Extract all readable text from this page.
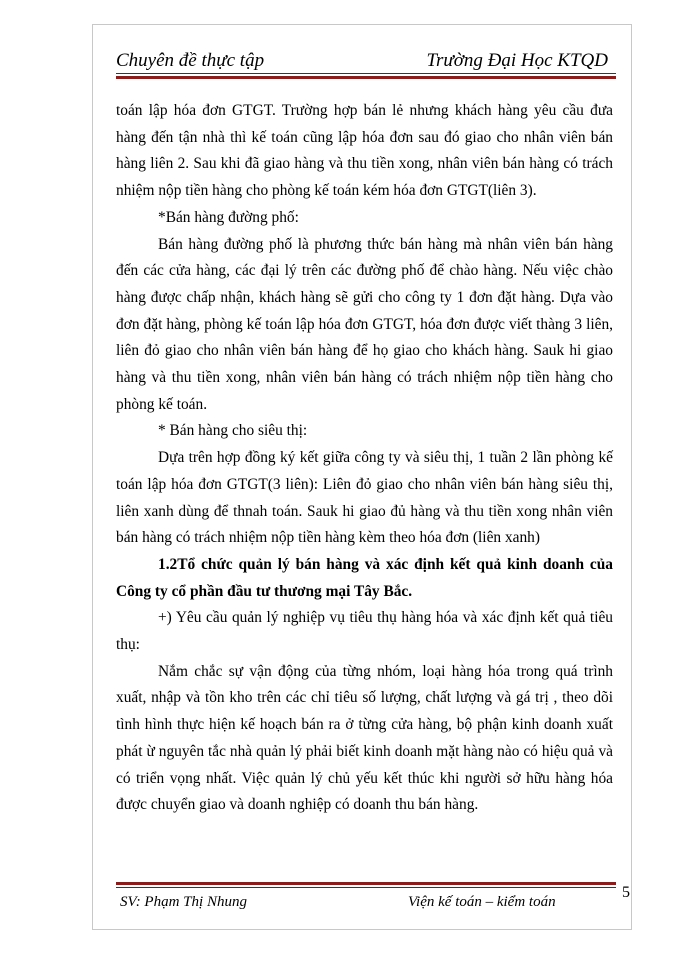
Chuyên đề thực tập	Trường Đại Học KTQD

toán lập hóa đơn GTGT. Trường hợp bán lẻ nhưng khách hàng yêu cầu đưa hàng đến tận nhà thì kế toán cũng lập hóa đơn sau đó giao cho nhân viên bán hàng liên 2. Sau khi đã giao hàng và thu tiền xong, nhân viên bán hàng có trách nhiệm nộp tiền hàng cho phòng kế toán kém hóa đơn GTGT(liên 3).

*Bán hàng đường phố:

Bán hàng đường phố là phương thức bán hàng mà nhân viên bán hàng đến các cửa hàng, các đại lý trên các đường phố để chào hàng. Nếu việc chào hàng được chấp nhận, khách hàng sẽ gửi cho công ty 1 đơn đặt hàng. Dựa vào đơn đặt hàng, phòng kế toán lập hóa đơn GTGT, hóa đơn được viết thàng 3 liên, liên đỏ giao cho nhân viên bán hàng để họ giao cho khách hàng. Sauk hi giao hàng và thu tiền xong, nhân viên bán hàng có trách nhiệm nộp tiền hàng cho phòng kế toán.

* Bán hàng cho siêu thị:

Dựa trên hợp đồng ký kết giữa công ty và siêu thị, 1 tuần 2 lần phòng kế toán lập hóa đơn GTGT(3 liên): Liên đỏ giao cho nhân viên bán hàng siêu thị, liên xanh dùng để thnah toán. Sauk hi giao đủ hàng và thu tiền xong nhân viên bán hàng có trách nhiệm nộp tiền hàng kèm theo hóa đơn (liên xanh)

1.2Tổ chức quản lý bán hàng và xác định kết quả kinh doanh của Công ty cổ phần đầu tư thương mại Tây Bắc.

+) Yêu cầu quản lý nghiệp vụ tiêu thụ hàng hóa và xác định kết quả tiêu thụ:

Nắm chắc sự vận động của từng nhóm, loại hàng hóa trong quá trình xuất, nhập và tồn kho trên các chỉ tiêu số lượng, chất lượng và gá trị , theo dõi tình hình thực hiện kế hoạch bán ra ở từng cửa hàng, bộ phận kinh doanh xuất phát ừ nguyên tắc nhà quản lý phải biết kinh doanh mặt hàng nào có hiệu quả và có triển vọng nhất. Việc quản lý chủ yếu kết thúc khi người sở hữu hàng hóa được chuyển giao và doanh nghiệp có doanh thu bán hàng.

SV: Phạm Thị Nhung	Viện kế toán – kiểm toán
5
